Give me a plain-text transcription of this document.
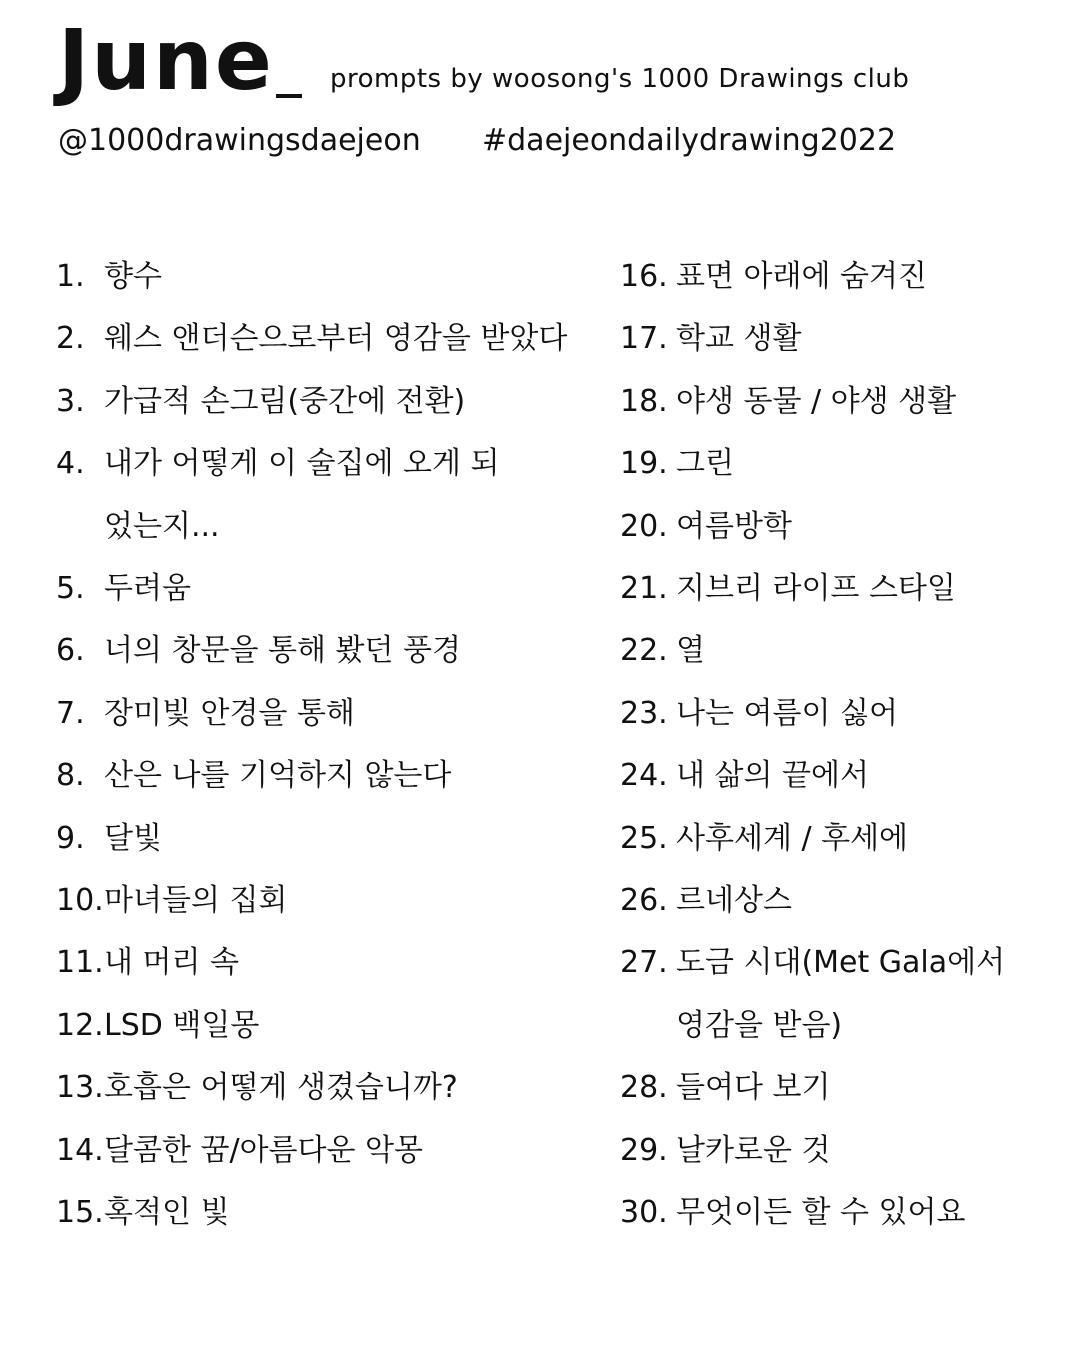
June prompts by woosong's 1000 Drawings club
@1000drawingsdaejeon #daejeondailydrawing2022
1. 향수
2. 웨스 앤더슨으로부터 영감을 받았다
3. 가급적 손그림(중간에 전환)
4. 내가 어떻게 이 술집에 오게 되었는지...
5. 두려움
6. 너의 창문을 통해 봤던 풍경
7. 장미빛 안경을 통해
8. 산은 나를 기억하지 않는다
9. 달빛
10. 마녀들의 집회
11. 내 머리 속
12. LSD 백일몽
13. 호흡은 어떻게 생겼습니까?
14. 달콤한 꿈/아름다운 악몽
15. 혹적인 빛
16. 표면 아래에 숨겨진
17. 학교 생활
18. 야생 동물 / 야생 생활
19. 그린
20. 여름방학
21. 지브리 라이프 스타일
22. 열
23. 나는 여름이 싫어
24. 내 삶의 끝에서
25. 사후세계 / 후세에
26. 르네상스
27. 도금 시대(Met Gala에서 영감을 받음)
28. 들여다 보기
29. 날카로운 것
30. 무엇이든 할 수 있어요
